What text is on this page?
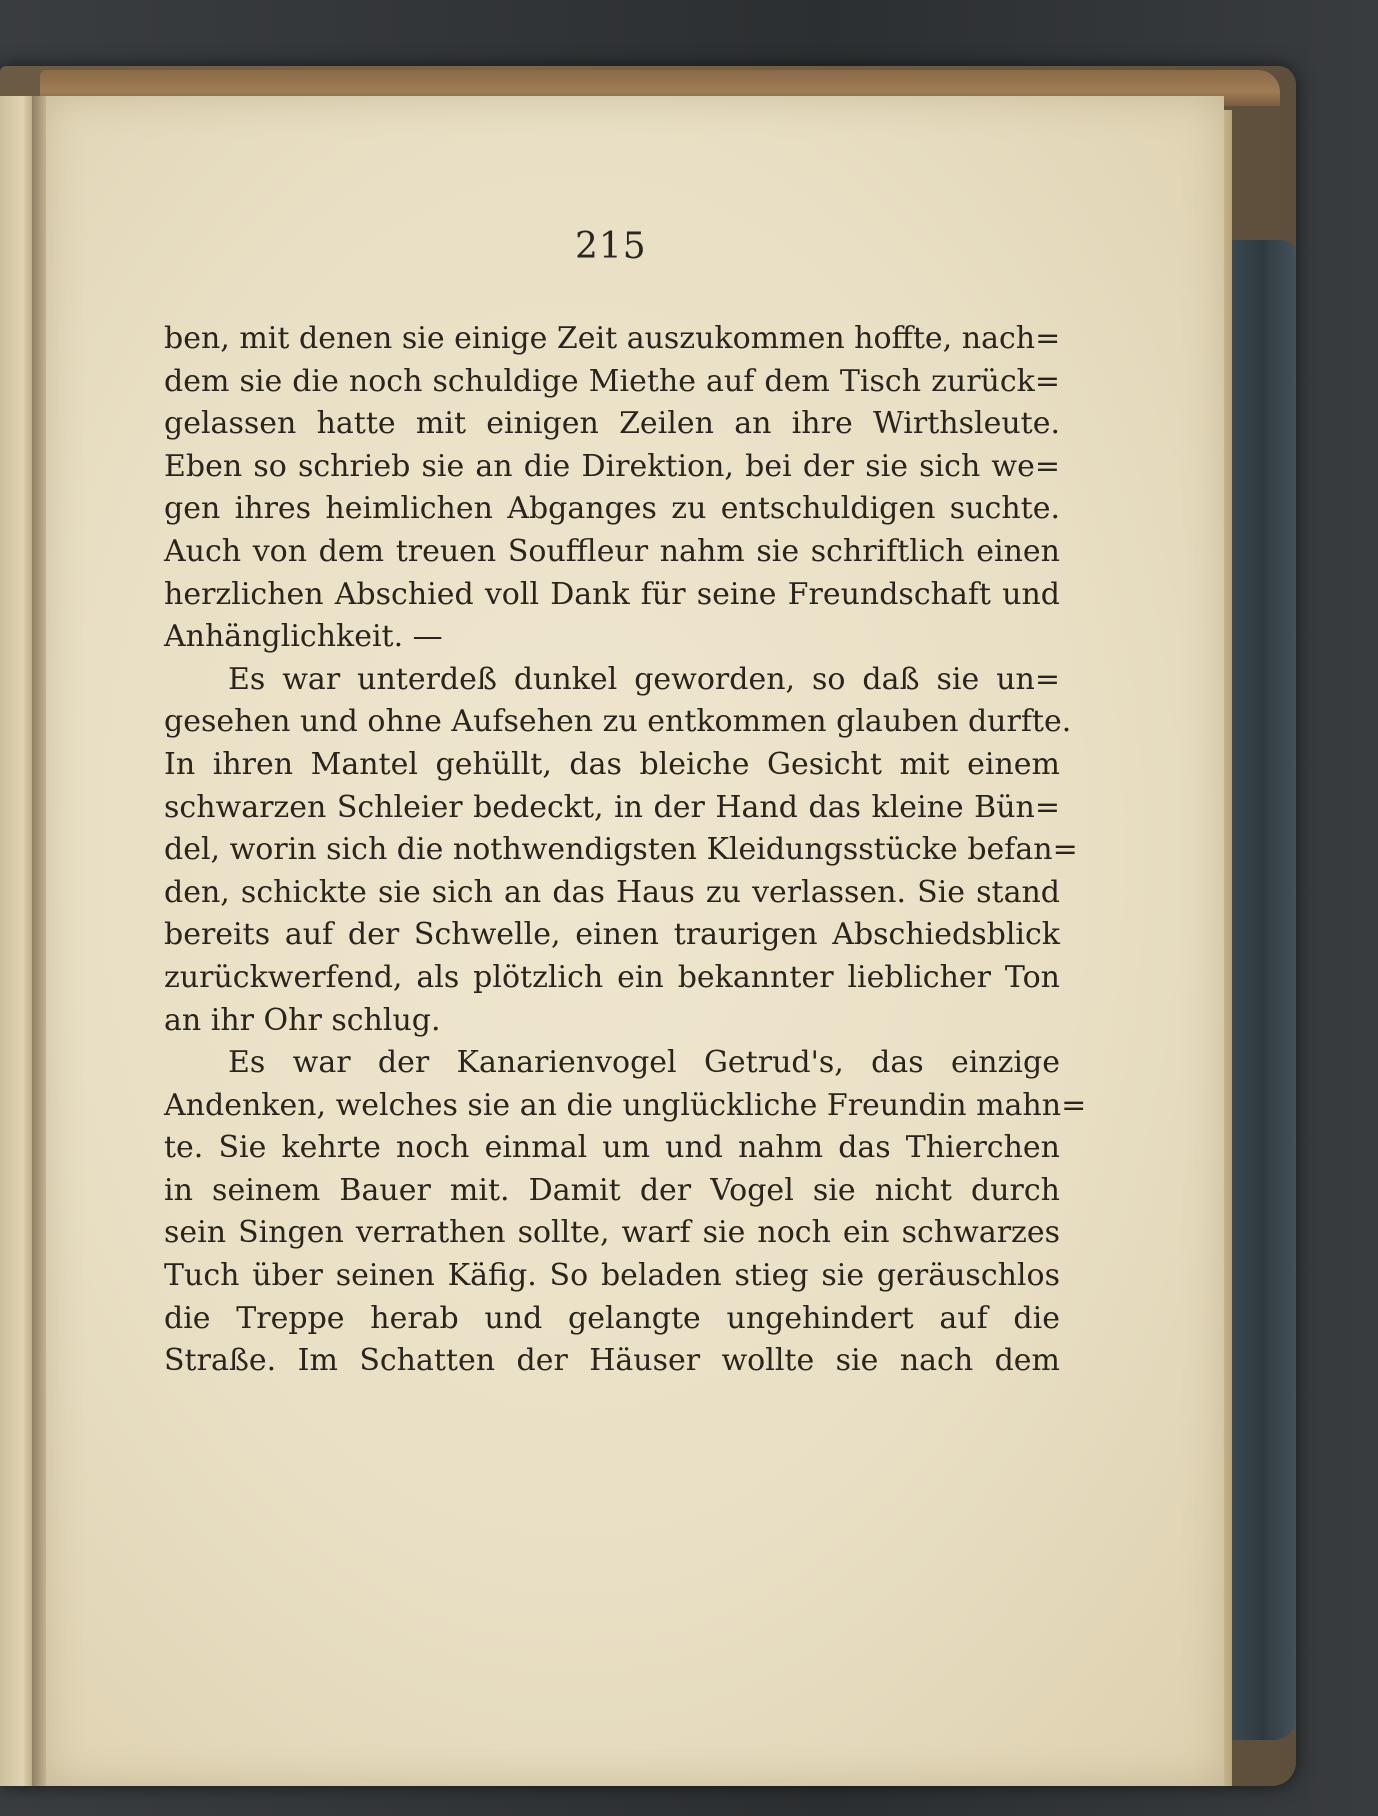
215
ben, mit denen sie einige Zeit auszukommen hoffte, nach=
dem sie die noch schuldige Miethe auf dem Tisch zurück=
gelassen hatte mit einigen Zeilen an ihre Wirthsleute.
Eben so schrieb sie an die Direktion, bei der sie sich we=
gen ihres heimlichen Abganges zu entschuldigen suchte.
Auch von dem treuen Souffleur nahm sie schriftlich einen
herzlichen Abschied voll Dank für seine Freundschaft und
Anhänglichkeit. —
Es war unterdeß dunkel geworden, so daß sie un=
gesehen und ohne Aufsehen zu entkommen glauben durfte.
In ihren Mantel gehüllt, das bleiche Gesicht mit einem
schwarzen Schleier bedeckt, in der Hand das kleine Bün=
del, worin sich die nothwendigsten Kleidungsstücke befan=
den, schickte sie sich an das Haus zu verlassen. Sie stand
bereits auf der Schwelle, einen traurigen Abschiedsblick
zurückwerfend, als plötzlich ein bekannter lieblicher Ton
an ihr Ohr schlug.
Es war der Kanarienvogel Getrud's, das einzige
Andenken, welches sie an die unglückliche Freundin mahn=
te. Sie kehrte noch einmal um und nahm das Thierchen
in seinem Bauer mit. Damit der Vogel sie nicht durch
sein Singen verrathen sollte, warf sie noch ein schwarzes
Tuch über seinen Käfig. So beladen stieg sie geräuschlos
die Treppe herab und gelangte ungehindert auf die
Straße. Im Schatten der Häuser wollte sie nach dem
